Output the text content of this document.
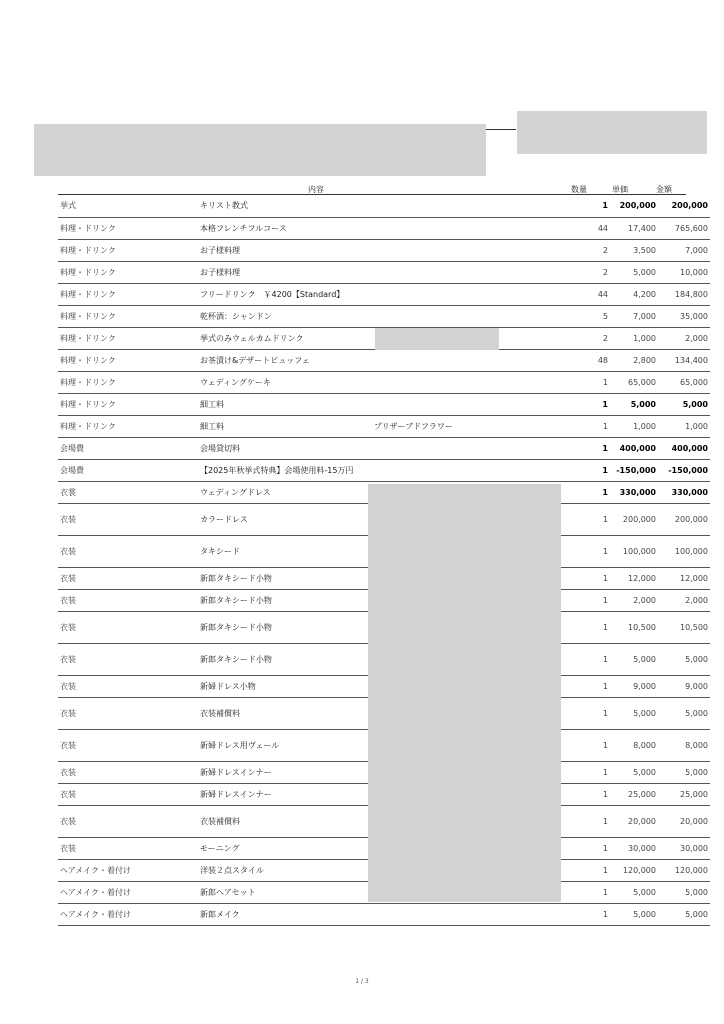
内容	数量	単価	金額
挙式	キリスト教式		1	200,000	200,000
料理・ドリンク	本格フレンチフルコース		44	17,400	765,600
料理・ドリンク	お子様料理		2	3,500	7,000
料理・ドリンク	お子様料理		2	5,000	10,000
料理・ドリンク	フリードリンク　￥4200【Standard】		44	4,200	184,800
料理・ドリンク	乾杯酒：シャンドン		5	7,000	35,000
料理・ドリンク	挙式のみウェルカムドリンク		2	1,000	2,000
料理・ドリンク	お茶漬け&デザートビュッフェ		48	2,800	134,400
料理・ドリンク	ウェディングケーキ		1	65,000	65,000
料理・ドリンク	細工料		1	5,000	5,000
料理・ドリンク	細工料	プリザーブドフラワー	1	1,000	1,000
会場費	会場貸切料		1	400,000	400,000
会場費	【2025年秋挙式特典】会場使用料-15万円		1	-150,000	-150,000
衣裳	ウェディングドレス		1	330,000	330,000
衣装	カラードレス		1	200,000	200,000
衣装	タキシード		1	100,000	100,000
衣装	新郎タキシード小物		1	12,000	12,000
衣装	新郎タキシード小物		1	2,000	2,000
衣装	新郎タキシード小物		1	10,500	10,500
衣装	新郎タキシード小物		1	5,000	5,000
衣装	新婦ドレス小物		1	9,000	9,000
衣装	衣装補償料		1	5,000	5,000
衣装	新婦ドレス用ヴェール		1	8,000	8,000
衣装	新婦ドレスインナー		1	5,000	5,000
衣装	新婦ドレスインナー		1	25,000	25,000
衣装	衣装補償料		1	20,000	20,000
衣装	モーニング		1	30,000	30,000
ヘアメイク・着付け	洋装２点スタイル		1	120,000	120,000
ヘアメイク・着付け	新郎ヘアセット		1	5,000	5,000
ヘアメイク・着付け	新郎メイク		1	5,000	5,000
1 / 3
